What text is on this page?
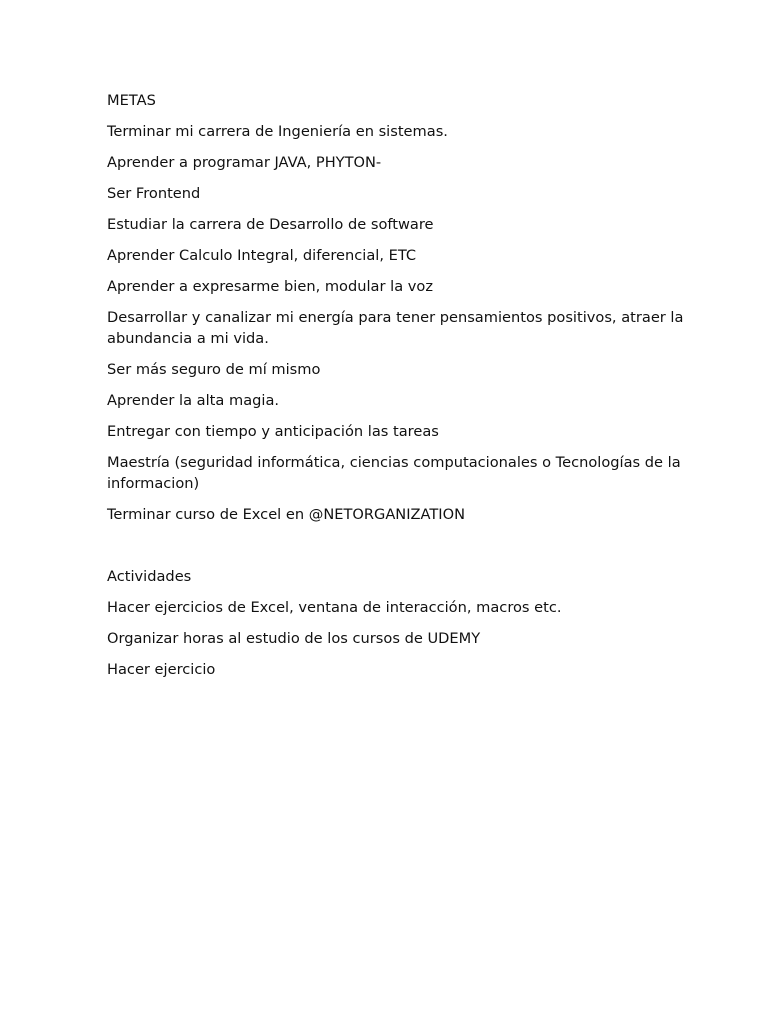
METAS

Terminar mi carrera de Ingeniería en sistemas.

Aprender a programar JAVA, PHYTON-

Ser Frontend

Estudiar la carrera de Desarrollo de software

Aprender Calculo Integral, diferencial, ETC

Aprender a expresarme bien, modular la voz

Desarrollar y canalizar mi energía para tener pensamientos positivos, atraer la abundancia a mi vida.

Ser más seguro de mí mismo

Aprender la alta magia.

Entregar con tiempo y anticipación las tareas

Maestría (seguridad informática, ciencias computacionales o Tecnologías de la informacion)

Terminar curso de Excel en @NETORGANIZATION

Actividades

Hacer ejercicios de Excel, ventana de interacción, macros etc.

Organizar horas al estudio de los cursos de UDEMY

Hacer ejercicio
